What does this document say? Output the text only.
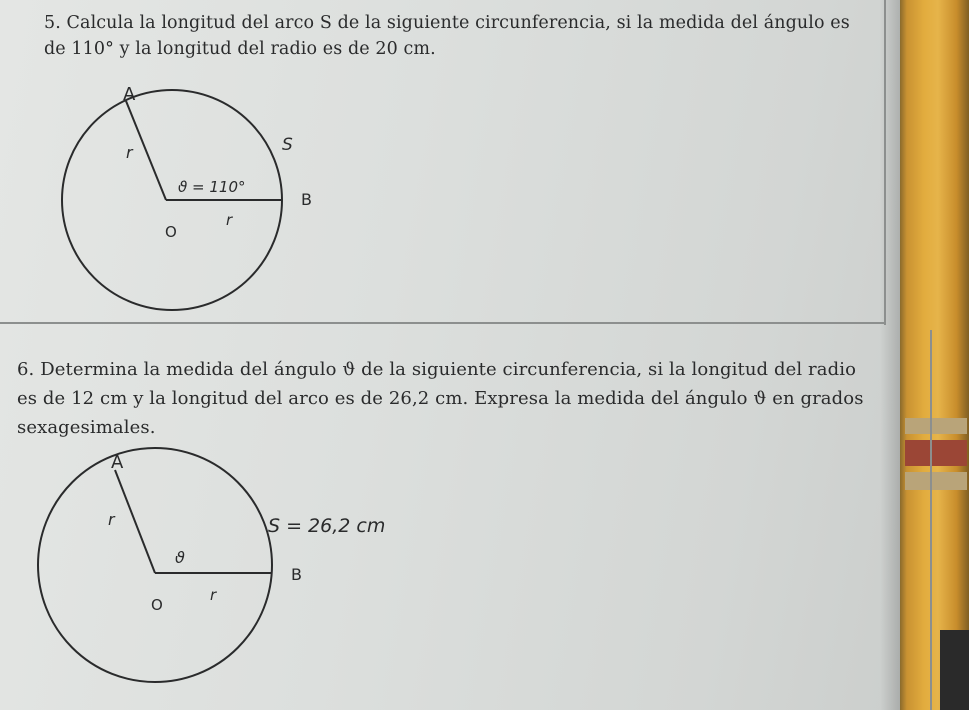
5. Calcula la longitud del arco S de la siguiente circunferencia, si la medida del ángulo es de 110° y la longitud del radio es de 20 cm.

A
r	S
ϑ = 110°
B
O
r
A
r	S = 26,2 cm
ϑ
B
O
r

6. Determina la medida del ángulo ϑ de la siguiente circunferencia, si la longitud del radio es de 12 cm y la longitud del arco es de 26,2 cm. Expresa la medida del ángulo ϑ en grados sexagesimales.
